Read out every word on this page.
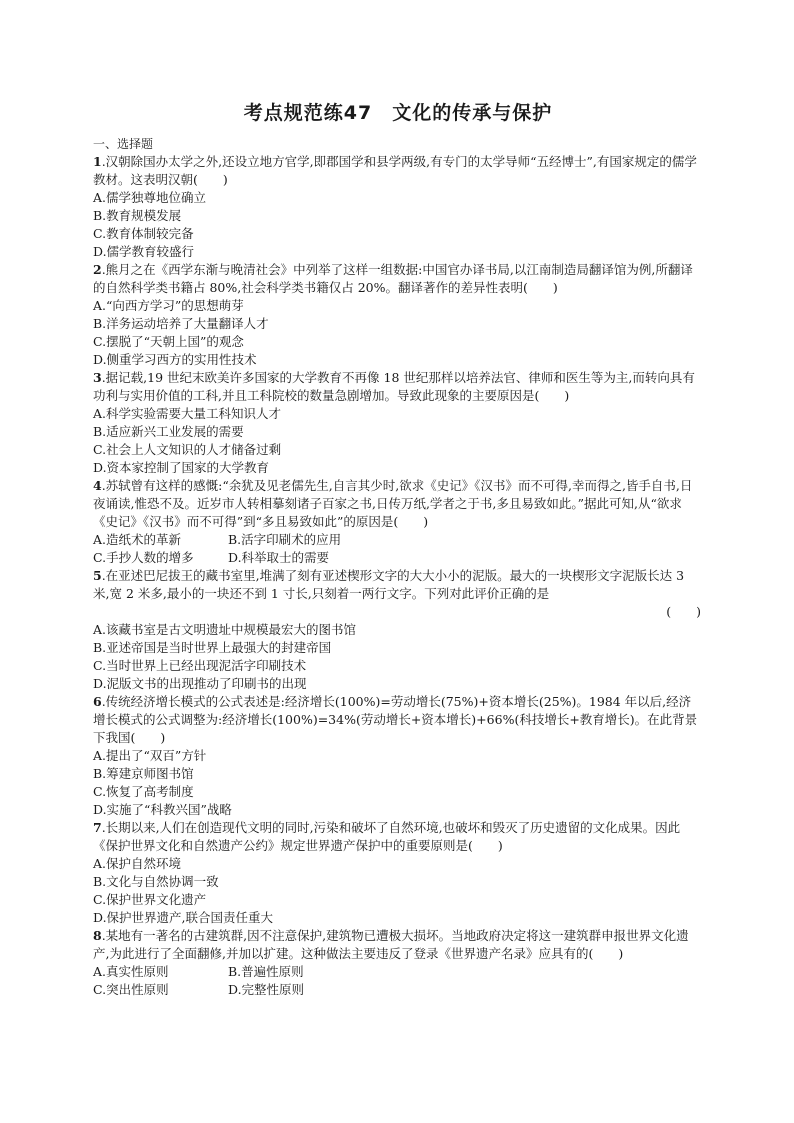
考点规范练47　文化的传承与保护

一、选择题

1.汉朝除国办太学之外,还设立地方官学,即郡国学和县学两级,有专门的太学导师“五经博士”,有国家规定的儒学教材。这表明汉朝(　　)

A.儒学独尊地位确立

B.教育规模发展

C.教育体制较完备

D.儒学教育较盛行

2.熊月之在《西学东渐与晚清社会》中列举了这样一组数据:中国官办译书局,以江南制造局翻译馆为例,所翻译的自然科学类书籍占 80%,社会科学类书籍仅占 20%。翻译著作的差异性表明(　　)

A.“向西方学习”的思想萌芽

B.洋务运动培养了大量翻译人才

C.摆脱了“天朝上国”的观念

D.侧重学习西方的实用性技术

3.据记载,19 世纪末欧美许多国家的大学教育不再像 18 世纪那样以培养法官、律师和医生等为主,而转向具有功利与实用价值的工科,并且工科院校的数量急剧增加。导致此现象的主要原因是(　　)

A.科学实验需要大量工科知识人才

B.适应新兴工业发展的需要

C.社会上人文知识的人才储备过剩

D.资本家控制了国家的大学教育

4.苏轼曾有这样的感慨:“余犹及见老儒先生,自言其少时,欲求《史记》《汉书》而不可得,幸而得之,皆手自书,日夜诵读,惟恐不及。近岁市人转相摹刻诸子百家之书,日传万纸,学者之于书,多且易致如此。”据此可知,从“欲求《史记》《汉书》而不可得”到“多且易致如此”的原因是(　　)

A.造纸术的革新	B.活字印刷术的应用
C.手抄人数的增多	D.科举取士的需要

5.在亚述巴尼拔王的藏书室里,堆满了刻有亚述楔形文字的大大小小的泥版。最大的一块楔形文字泥版长达 3 米,宽 2 米多,最小的一块还不到 1 寸长,只刻着一两行文字。下列对此评价正确的是

(　　)

A.该藏书室是古文明遗址中规模最宏大的图书馆

B.亚述帝国是当时世界上最强大的封建帝国

C.当时世界上已经出现泥活字印刷技术

D.泥版文书的出现推动了印刷书的出现

6.传统经济增长模式的公式表述是:经济增长(100%)=劳动增长(75%)+资本增长(25%)。1984 年以后,经济增长模式的公式调整为:经济增长(100%)=34%(劳动增长+资本增长)+66%(科技增长+教育增长)。在此背景下我国(　　)

A.提出了“双百”方针

B.筹建京师图书馆

C.恢复了高考制度

D.实施了“科教兴国”战略

7.长期以来,人们在创造现代文明的同时,污染和破坏了自然环境,也破坏和毁灭了历史遗留的文化成果。因此《保护世界文化和自然遗产公约》规定世界遗产保护中的重要原则是(　　)

A.保护自然环境

B.文化与自然协调一致

C.保护世界文化遗产

D.保护世界遗产,联合国责任重大

8.某地有一著名的古建筑群,因不注意保护,建筑物已遭极大损坏。当地政府决定将这一建筑群申报世界文化遗产,为此进行了全面翻修,并加以扩建。这种做法主要违反了登录《世界遗产名录》应具有的(　　)

A.真实性原则	B.普遍性原则
C.突出性原则	D.完整性原则
